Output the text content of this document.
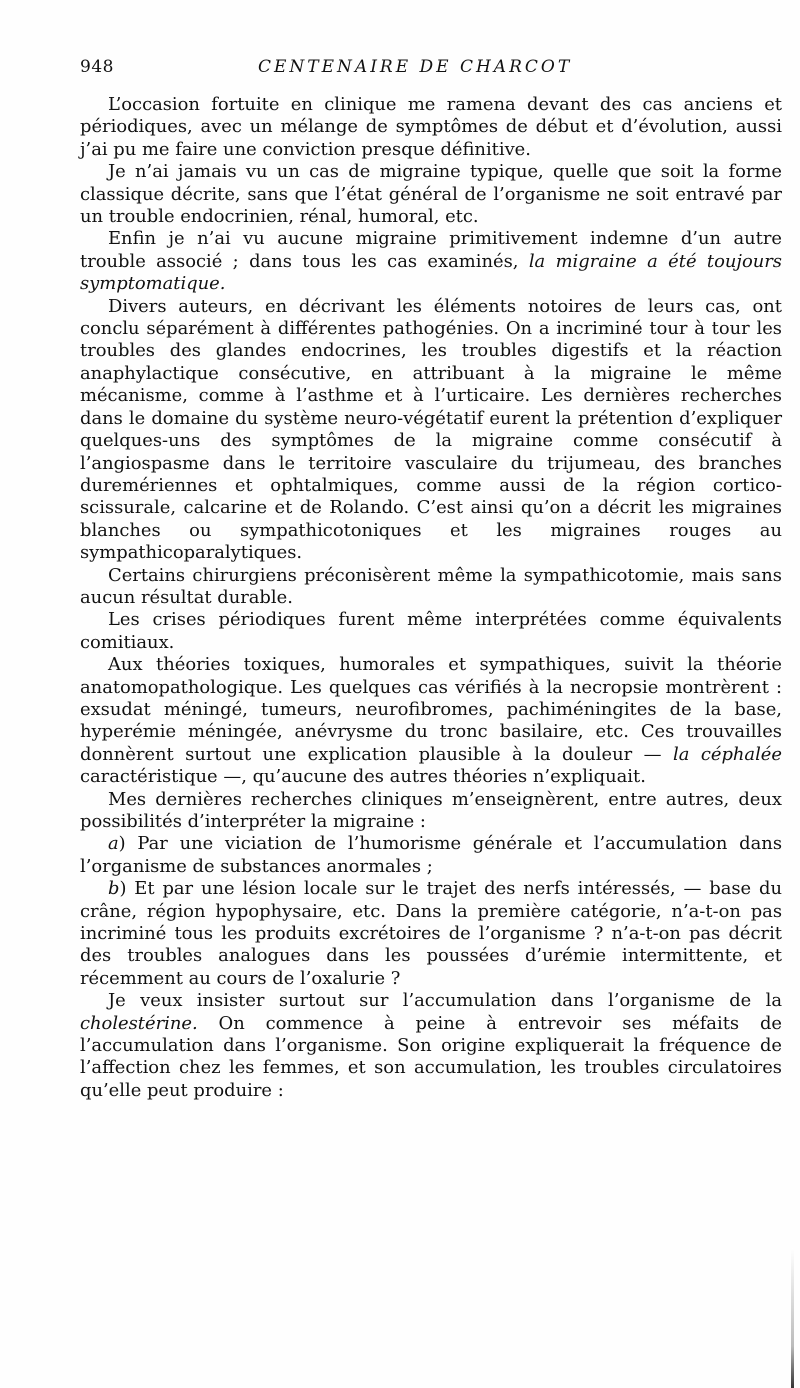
948	CENTENAIRE DE CHARCOT

L’occasion fortuite en clinique me ramena devant des cas anciens et périodiques, avec un mélange de symptômes de début et d’évolution, aussi j’ai pu me faire une conviction presque définitive.

Je n’ai jamais vu un cas de migraine typique, quelle que soit la forme classique décrite, sans que l’état général de l’organisme ne soit entravé par un trouble endocrinien, rénal, humoral, etc.

Enfin je n’ai vu aucune migraine primitivement indemne d’un autre trouble associé ; dans tous les cas examinés, la migraine a été toujours symptomatique.

Divers auteurs, en décrivant les éléments notoires de leurs cas, ont conclu séparément à différentes pathogénies. On a incriminé tour à tour les troubles des glandes endocrines, les troubles digestifs et la réaction anaphylactique consécutive, en attribuant à la migraine le même mécanisme, comme à l’asthme et à l’urticaire. Les dernières recherches dans le domaine du système neuro-végétatif eurent la prétention d’expliquer quelques-uns des symptômes de la migraine comme consécutif à l’angiospasme dans le territoire vasculaire du trijumeau, des branches duremériennes et ophtalmiques, comme aussi de la région cortico-scissurale, calcarine et de Rolando. C’est ainsi qu’on a décrit les migraines blanches ou sympathicotoniques et les migraines rouges au sympathicoparalytiques.

Certains chirurgiens préconisèrent même la sympathicotomie, mais sans aucun résultat durable.

Les crises périodiques furent même interprétées comme équivalents comitiaux.

Aux théories toxiques, humorales et sympathiques, suivit la théorie anatomopathologique. Les quelques cas vérifiés à la necropsie montrèrent : exsudat méningé, tumeurs, neurofibromes, pachiméningites de la base, hyperémie méningée, anévrysme du tronc basilaire, etc. Ces trouvailles donnèrent surtout une explication plausible à la douleur — la céphalée caractéristique —, qu’aucune des autres théories n’expliquait.

Mes dernières recherches cliniques m’enseignèrent, entre autres, deux possibilités d’interpréter la migraine :

a) Par une viciation de l’humorisme générale et l’accumulation dans l’organisme de substances anormales ;

b) Et par une lésion locale sur le trajet des nerfs intéressés, — base du crâne, région hypophysaire, etc. Dans la première catégorie, n’a-t-on pas incriminé tous les produits excrétoires de l’organisme ? n’a-t-on pas décrit des troubles analogues dans les poussées d’urémie intermittente, et récemment au cours de l’oxalurie ?

Je veux insister surtout sur l’accumulation dans l’organisme de la cholestérine. On commence à peine à entrevoir ses méfaits de l’accumulation dans l’organisme. Son origine expliquerait la fréquence de l’affection chez les femmes, et son accumulation, les troubles circulatoires qu’elle peut produire :
